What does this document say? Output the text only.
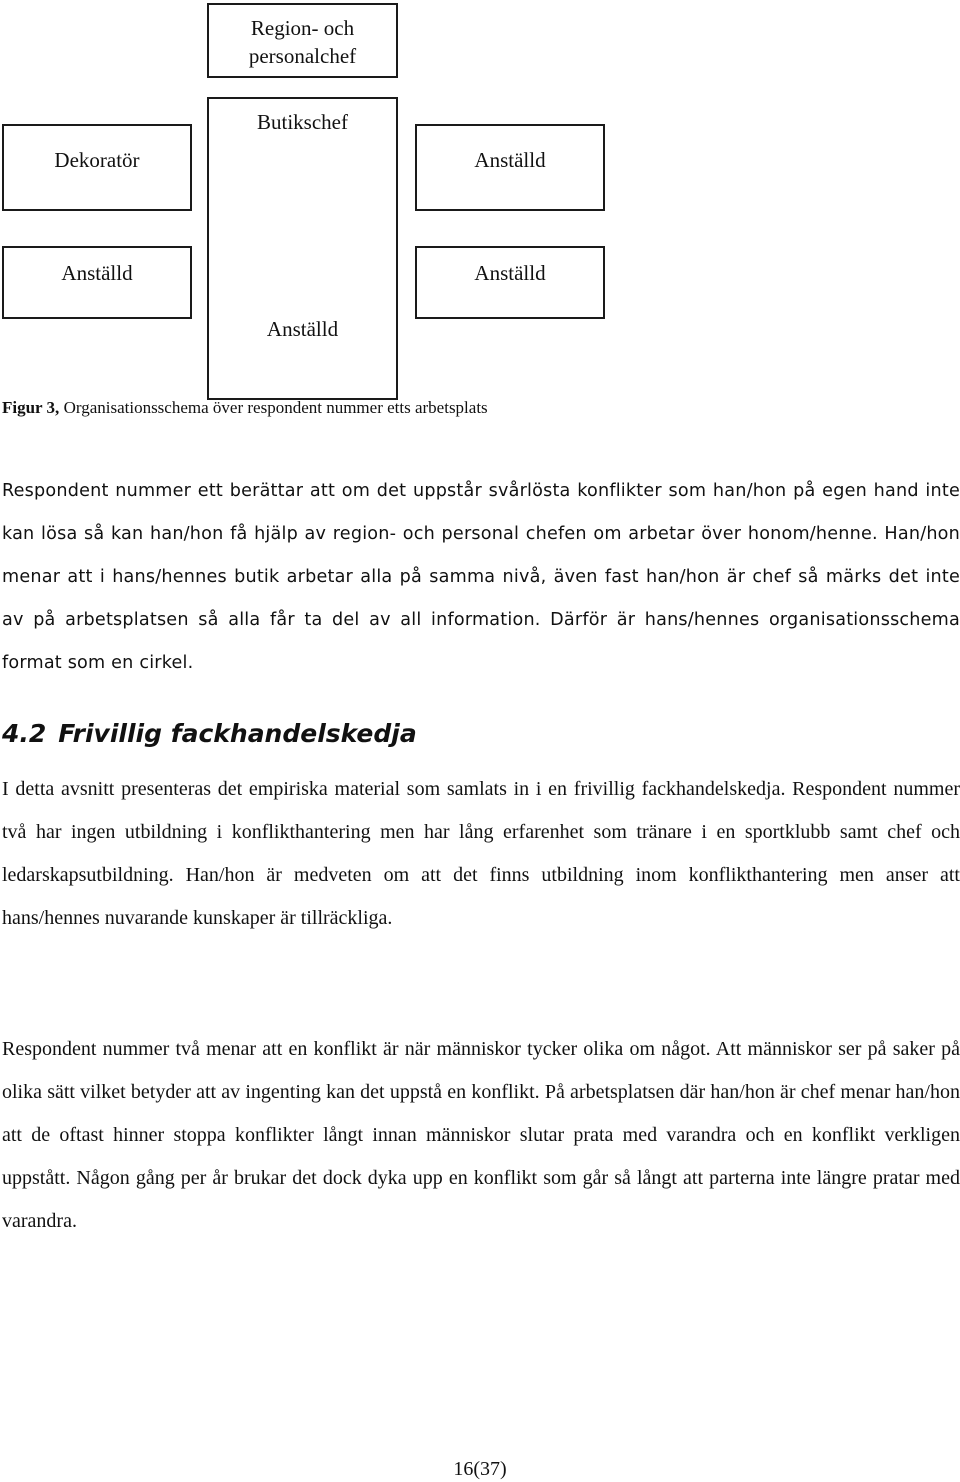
Region- och personalchef
Butikschef
Anställd
Dekoratör	Anställd
Anställd	Anställd
Figur 3, Organisationsschema över respondent nummer etts arbetsplats

Respondent nummer ett berättar att om det uppstår svårlösta konflikter som han/hon på egen hand inte kan lösa så kan han/hon få hjälp av region- och personal chefen om arbetar över honom/henne. Han/hon menar att i hans/hennes butik arbetar alla på samma nivå, även fast han/hon är chef så märks det inte av på arbetsplatsen så alla får ta del av all information. Därför är hans/hennes organisationsschema format som en cirkel.

4.2 Frivillig fackhandelskedja

I detta avsnitt presenteras det empiriska material som samlats in i en frivillig fackhandelskedja. Respondent nummer två har ingen utbildning i konflikthantering men har lång erfarenhet som tränare i en sportklubb samt chef och ledarskapsutbildning. Han/hon är medveten om att det finns utbildning inom konflikthantering men anser att hans/hennes nuvarande kunskaper är tillräckliga.

Respondent nummer två menar att en konflikt är när människor tycker olika om något. Att människor ser på saker på olika sätt vilket betyder att av ingenting kan det uppstå en konflikt. På arbetsplatsen där han/hon är chef menar han/hon att de oftast hinner stoppa konflikter långt innan människor slutar prata med varandra och en konflikt verkligen uppstått. Någon gång per år brukar det dock dyka upp en konflikt som går så långt att parterna inte längre pratar med varandra.

16(37)
